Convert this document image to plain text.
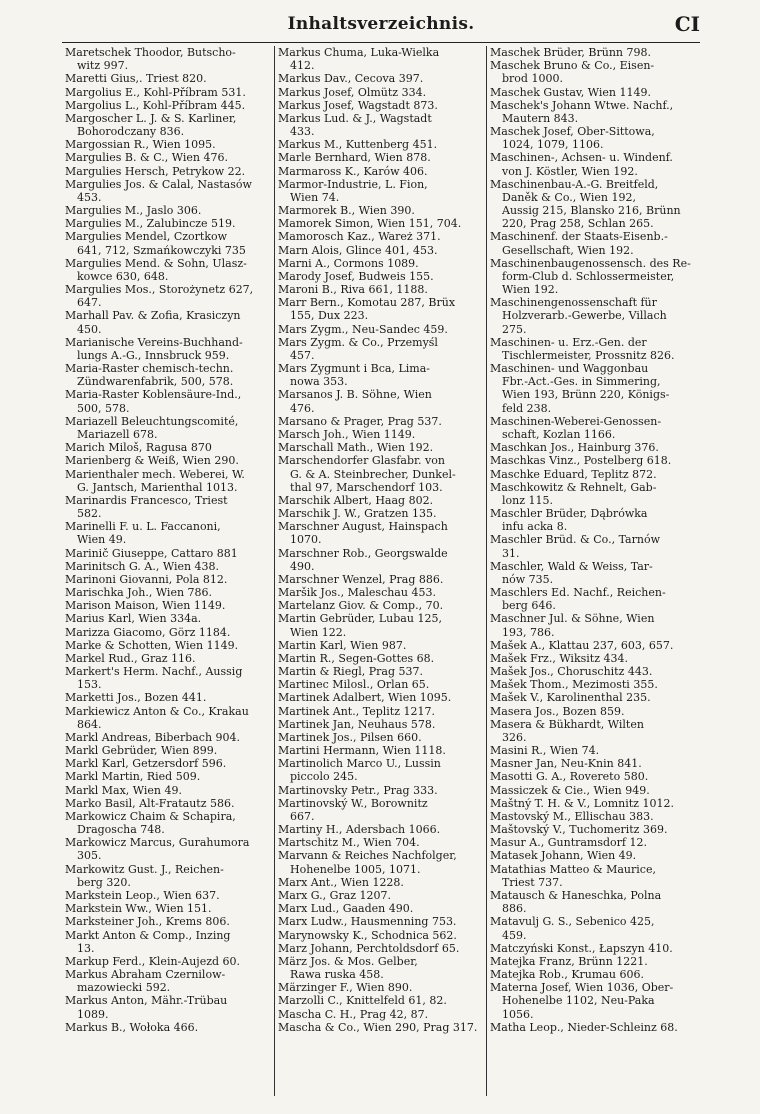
Inhaltsverzeichnis.	CI
Maretschek Thoodor, Butscho-
witz 997.
Maretti Gius,. Triest 820.
Margolius E., Kohl-Příbram 531.
Margolius L., Kohl-Příbram 445.
Margoscher L. J. & S. Karliner,
Bohorodczany 836.
Margossian R., Wien 1095.
Margulies B. & C., Wien 476.
Margulies Hersch, Petrykow 22.
Margulies Jos. & Calal, Nastasów
453.
Margulies M., Jaslo 306.
Margulies M., Zalubincze 519.
Margulies Mendel, Czortkow
641, 712, Szmańkowczyki 735
Margulies Mend. & Sohn, Ulasz-
kowce 630, 648.
Margulies Mos., Storożynetz 627,
647.
Marhall Pav. & Zofia, Krasiczyn
450.
Marianische Vereins-Buchhand-
lungs A.-G., Innsbruck 959.
Maria-Raster chemisch-techn.
Zündwarenfabrik, 500, 578.
Maria-Raster Koblensäure-Ind.,
500, 578.
Mariazell Beleuchtungscomité,
Mariazell 678.
Marich Miloš, Ragusa 870
Marienberg & Weiß, Wien 290.
Marienthaler mech. Weberei, W.
G. Jantsch, Marienthal 1013.
Marinardis Francesco, Triest
582.
Marinelli F. u. L. Faccanoni,
Wien 49.
Marinič Giuseppe, Cattaro 881
Marinitsch G. A., Wien 438.
Marinoni Giovanni, Pola 812.
Marischka Joh., Wien 786.
Marison Maison, Wien 1149.
Marius Karl, Wien 334a.
Marizza Giacomo, Görz 1184.
Marke & Schotten, Wien 1149.
Markel Rud., Graz 116.
Markert's Herm. Nachf., Aussig
153.
Marketti Jos., Bozen 441.
Markiewicz Anton & Co., Krakau
864.
Markl Andreas, Biberbach 904.
Markl Gebrüder, Wien 899.
Markl Karl, Getzersdorf 596.
Markl Martin, Ried 509.
Markl Max, Wien 49.
Marko Basil, Alt-Fratautz 586.
Markowicz Chaim & Schapira,
Dragoscha 748.
Markowicz Marcus, Gurahumora
305.
Markowitz Gust. J., Reichen-
berg 320.
Markstein Leop., Wien 637.
Markstein Ww., Wien 151.
Marksteiner Joh., Krems 806.
Markt Anton & Comp., Inzing
13.
Markup Ferd., Klein-Aujezd 60.
Markus Abraham Czernilow-
mazowiecki 592.
Markus Anton, Mähr.-Trübau
1089.
Markus B., Wołoka 466.
Markus Chuma, Luka-Wielka
412.
Markus Dav., Cecova 397.
Markus Josef, Olmütz 334.
Markus Josef, Wagstadt 873.
Markus Lud. & J., Wagstadt
433.
Markus M., Kuttenberg 451.
Marle Bernhard, Wien 878.
Marmaross K., Karów 406.
Marmor-Industrie, L. Fion,
Wien 74.
Marmorek B., Wien 390.
Mamorek Simon, Wien 151, 704.
Mamorosch Kaz., Wareż 371.
Marn Alois, Glince 401, 453.
Marni A., Cormons 1089.
Marody Josef, Budweis 155.
Maroni B., Riva 661, 1188.
Marr Bern., Komotau 287, Brüx
155, Dux 223.
Mars Zygm., Neu-Sandec 459.
Mars Zygm. & Co., Przemyśl
457.
Mars Zygmunt i Bca, Lima-
nowa 353.
Marsanos J. B. Söhne, Wien
476.
Marsano & Prager, Prag 537.
Marsch Joh., Wien 1149.
Marschall Math., Wien 192.
Marschendorfer Glasfabr. von
G. & A. Steinbrecher, Dunkel-
thal 97, Marschendorf 103.
Marschik Albert, Haag 802.
Marschik J. W., Gratzen 135.
Marschner August, Hainspach
1070.
Marschner Rob., Georgswalde
490.
Marschner Wenzel, Prag 886.
Maršik Jos., Maleschau 453.
Martelanz Giov. & Comp., 70.
Martin Gebrüder, Lubau 125,
Wien 122.
Martin Karl, Wien 987.
Martin R., Segen-Gottes 68.
Martin & Riegl, Prag 537.
Martinec Milosl., Orlan 65.
Martinek Adalbert, Wien 1095.
Martinek Ant., Teplitz 1217.
Martinek Jan, Neuhaus 578.
Martinek Jos., Pilsen 660.
Martini Hermann, Wien 1118.
Martinolich Marco U., Lussin
piccolo 245.
Martinovsky Petr., Prag 333.
Martinovský W., Borownitz
667.
Martiny H., Adersbach 1066.
Martschitz M., Wien 704.
Marvann & Reiches Nachfolger,
Hohenelbe 1005, 1071.
Marx Ant., Wien 1228.
Marx G., Graz 1207.
Marx Lud., Gaaden 490.
Marx Ludw., Hausmenning 753.
Marynowsky K., Schodnica 562.
Marz Johann, Perchtoldsdorf 65.
März Jos. & Mos. Gelber,
Rawa ruska 458.
Märzinger F., Wien 890.
Marzolli C., Knittelfeld 61, 82.
Mascha C. H., Prag 42, 87.
Mascha & Co., Wien 290, Prag 317.
Maschek Brüder, Brünn 798.
Maschek Bruno & Co., Eisen-
brod 1000.
Maschek Gustav, Wien 1149.
Maschek's Johann Wtwe. Nachf.,
Mautern 843.
Maschek Josef, Ober-Sittowa,
1024, 1079, 1106.
Maschinen-, Achsen- u. Windenf.
von J. Köstler, Wien 192.
Maschinenbau-A.-G. Breitfeld,
Daněk & Co., Wien 192,
Aussig 215, Blansko 216, Brünn
220, Prag 258, Schlan 265.
Maschinenf. der Staats-Eisenb.-
Gesellschaft, Wien 192.
Maschinenbaugenossensch. des Re-
form-Club d. Schlossermeister,
Wien 192.
Maschinengenossenschaft für
Holzverarb.-Gewerbe, Villach
275.
Maschinen- u. Erz.-Gen. der
Tischlermeister, Prossnitz 826.
Maschinen- und Waggonbau
Fbr.-Act.-Ges. in Simmering,
Wien 193, Brünn 220, Königs-
feld 238.
Maschinen-Weberei-Genossen-
schaft, Kozlan 1166.
Maschkan Jos., Hainburg 376.
Maschkas Vinz., Postelberg 618.
Maschke Eduard, Teplitz 872.
Maschkowitz & Rehnelt, Gab-
lonz 115.
Maschler Brüder, Dąbrówka
infu acka 8.
Maschler Brüd. & Co., Tarnów
31.
Maschler, Wald & Weiss, Tar-
nów 735.
Maschlers Ed. Nachf., Reichen-
berg 646.
Maschner Jul. & Söhne, Wien
193, 786.
Mašek A., Klattau 237, 603, 657.
Mašek Frz., Wiksitz 434.
Mašek Jos., Choruschitz 443.
Mašek Thom., Mezimosti 355.
Mašek V., Karolinenthal 235.
Masera Jos., Bozen 859.
Masera & Bükhardt, Wilten
326.
Masini R., Wien 74.
Masner Jan, Neu-Knin 841.
Masotti G. A., Rovereto 580.
Massiczek & Cie., Wien 949.
Maštný T. H. & V., Lomnitz 1012.
Mastovský M., Ellischau 383.
Maštovský V., Tuchomeritz 369.
Masur A., Guntramsdorf 12.
Matasek Johann, Wien 49.
Matathias Matteo & Maurice,
Triest 737.
Matausch & Haneschka, Polna
886.
Matavulj G. S., Sebenico 425,
459.
Matczyński Konst., Łapszyn 410.
Matejka Franz, Brünn 1221.
Matejka Rob., Krumau 606.
Materna Josef, Wien 1036, Ober-
Hohenelbe 1102, Neu-Paka
1056.
Matha Leop., Nieder-Schleinz 68.
